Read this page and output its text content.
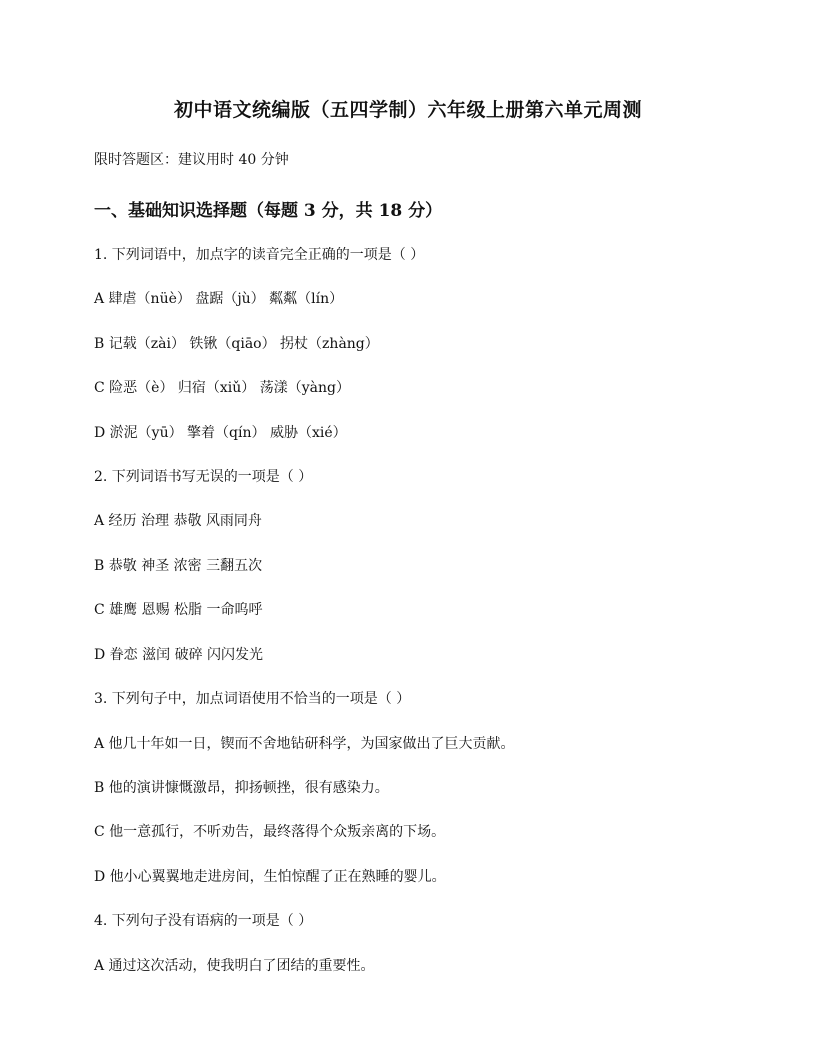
初中语文统编版（五四学制）六年级上册第六单元周测
限时答题区：建议用时 40 分钟
一、基础知识选择题（每题 3 分，共 18 分）
1. 下列词语中，加点字的读音完全正确的一项是（ ）
A 肆虐（nüè） 盘踞（jù） 粼粼（lín）
B 记载（zài） 铁锹（qiāo） 拐杖（zhàng）
C 险恶（è） 归宿（xiǔ） 荡漾（yàng）
D 淤泥（yū） 擎着（qín） 威胁（xié）
2. 下列词语书写无误的一项是（ ）
A 经历 治理 恭敬 风雨同舟
B 恭敬 神圣 浓密 三翻五次
C 雄鹰 恩赐 松脂 一命呜呼
D 眷恋 滋闰 破碎 闪闪发光
3. 下列句子中，加点词语使用不恰当的一项是（ ）
A 他几十年如一日，锲而不舍地钻研科学，为国家做出了巨大贡献。
B 他的演讲慷慨激昂，抑扬顿挫，很有感染力。
C 他一意孤行，不听劝告，最终落得个众叛亲离的下场。
D 他小心翼翼地走进房间，生怕惊醒了正在熟睡的婴儿。
4. 下列句子没有语病的一项是（ ）
A 通过这次活动，使我明白了团结的重要性。
